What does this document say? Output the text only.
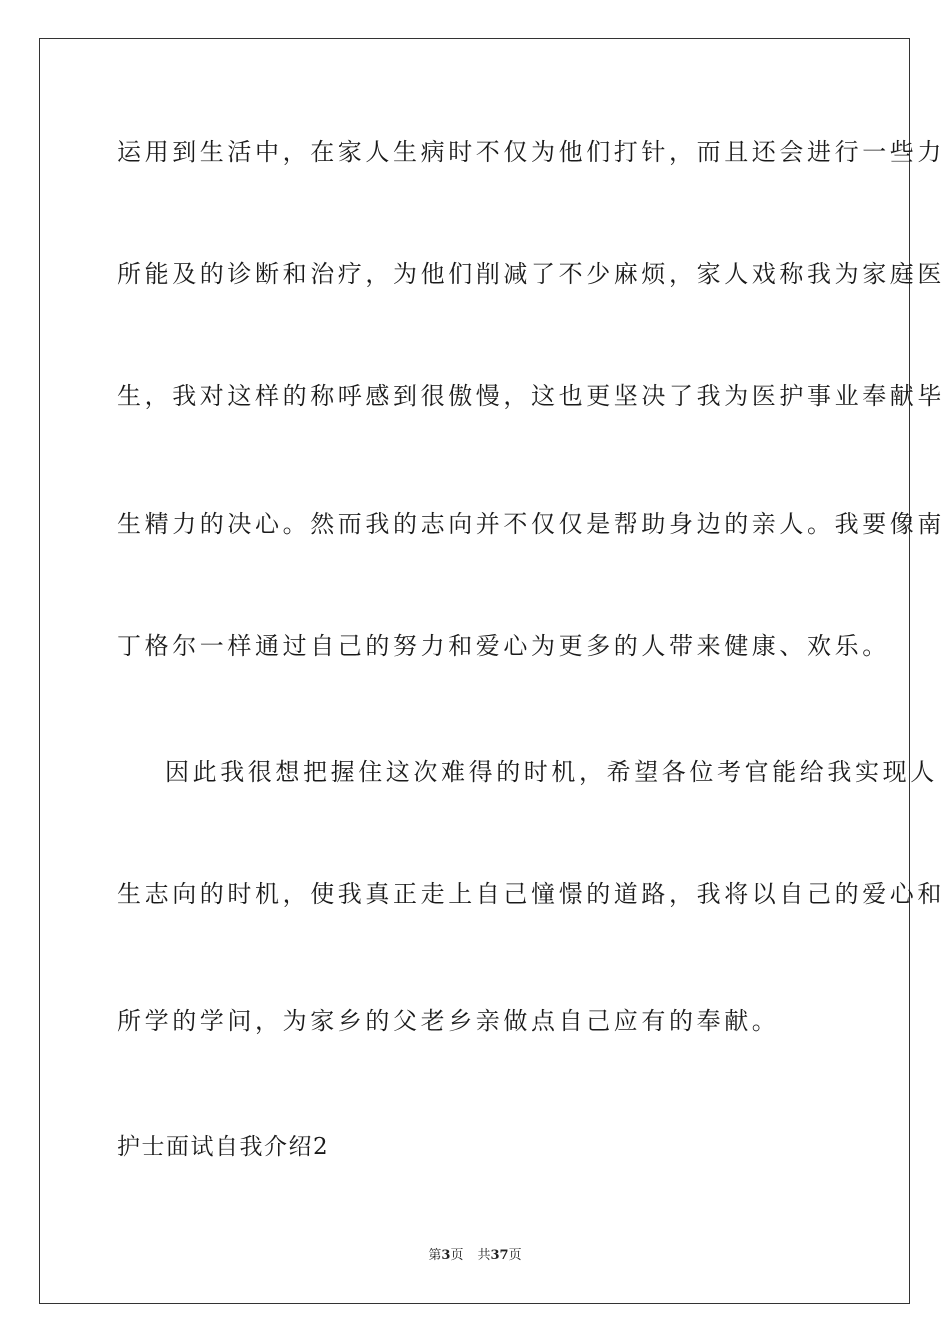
运用到生活中，在家人生病时不仅为他们打针，而且还会进行一些力
所能及的诊断和治疗，为他们削减了不少麻烦，家人戏称我为家庭医
生，我对这样的称呼感到很傲慢，这也更坚决了我为医护事业奉献毕
生精力的决心。然而我的志向并不仅仅是帮助身边的亲人。我要像南
丁格尔一样通过自己的努力和爱心为更多的人带来健康、欢乐。
因此我很想把握住这次难得的时机，希望各位考官能给我实现人
生志向的时机，使我真正走上自己憧憬的道路，我将以自己的爱心和
所学的学问，为家乡的父老乡亲做点自己应有的奉献。
护士面试自我介绍2
第3页 共37页
